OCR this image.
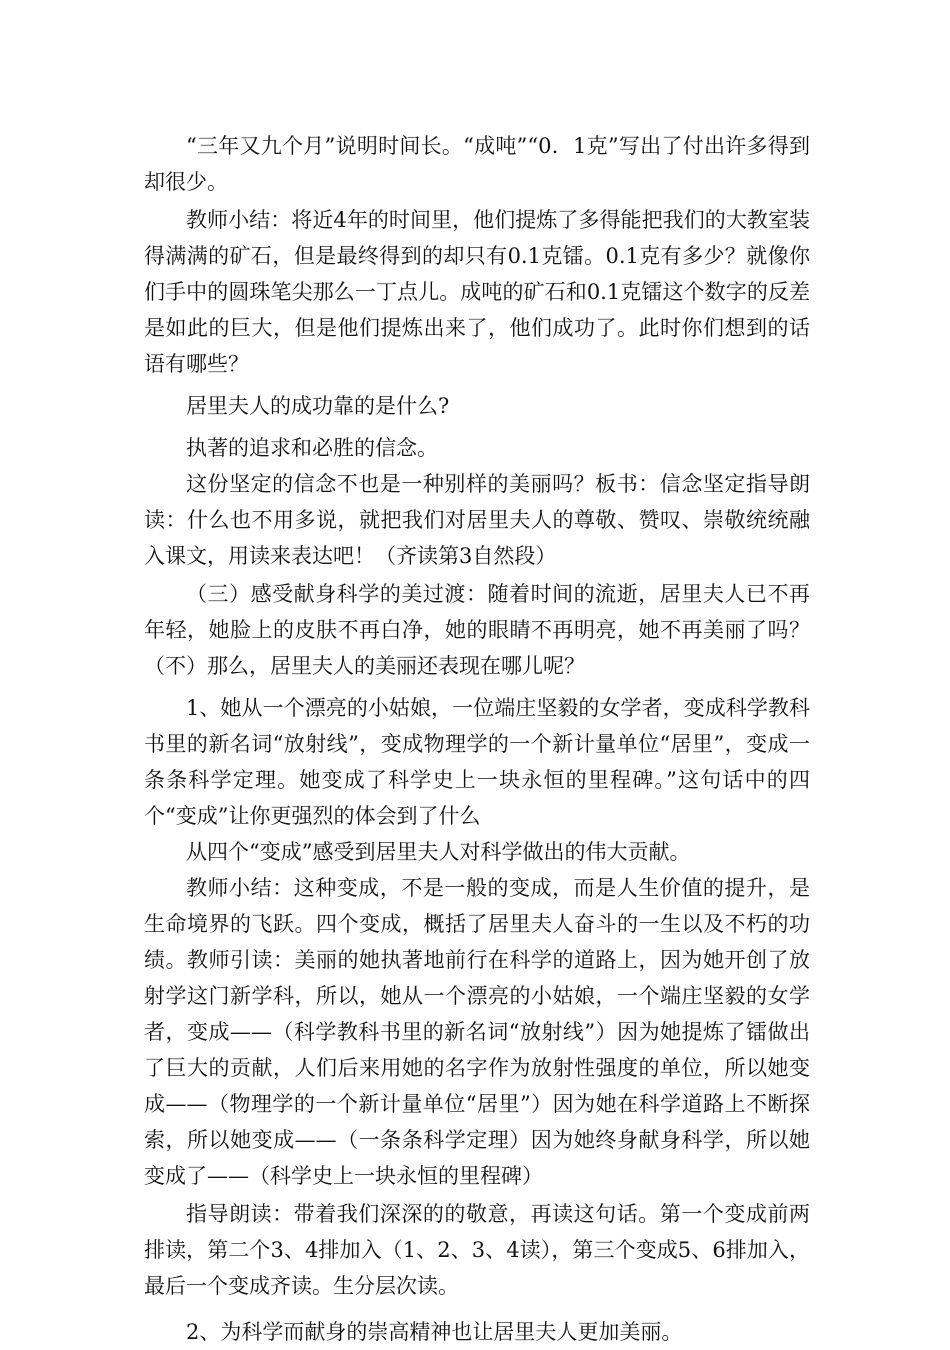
“三年又九个月”说明时间长。“成吨”“0．1克”写出了付出许多得到却很少。

教师小结：将近4年的时间里，他们提炼了多得能把我们的大教室装得满满的矿石，但是最终得到的却只有0.1克镭。0.1克有多少？就像你们手中的圆珠笔尖那么一丁点儿。成吨的矿石和0.1克镭这个数字的反差是如此的巨大，但是他们提炼出来了，他们成功了。此时你们想到的话语有哪些？

居里夫人的成功靠的是什么?

执著的追求和必胜的信念。

这份坚定的信念不也是一种别样的美丽吗？板书：信念坚定指导朗读：什么也不用多说，就把我们对居里夫人的尊敬、赞叹、崇敬统统融入课文，用读来表达吧！（齐读第3自然段）

（三）感受献身科学的美过渡：随着时间的流逝，居里夫人已不再年轻，她脸上的皮肤不再白净，她的眼睛不再明亮，她不再美丽了吗？（不）那么，居里夫人的美丽还表现在哪儿呢？

1、她从一个漂亮的小姑娘，一位端庄坚毅的女学者，变成科学教科书里的新名词“放射线”，变成物理学的一个新计量单位“居里”，变成一条条科学定理。她变成了科学史上一块永恒的里程碑。”这句话中的四个“变成”让你更强烈的体会到了什么

从四个“变成”感受到居里夫人对科学做出的伟大贡献。

教师小结：这种变成，不是一般的变成，而是人生价值的提升，是生命境界的飞跃。四个变成，概括了居里夫人奋斗的一生以及不朽的功绩。教师引读：美丽的她执著地前行在科学的道路上，因为她开创了放射学这门新学科，所以，她从一个漂亮的小姑娘，一个端庄坚毅的女学者，变成——（科学教科书里的新名词“放射线”）因为她提炼了镭做出了巨大的贡献，人们后来用她的名字作为放射性强度的单位，所以她变成——（物理学的一个新计量单位“居里”）因为她在科学道路上不断探索，所以她变成——（一条条科学定理）因为她终身献身科学，所以她变成了——（科学史上一块永恒的里程碑）

指导朗读：带着我们深深的的敬意，再读这句话。第一个变成前两排读，第二个3、4排加入（1、2、3、4读），第三个变成5、6排加入，最后一个变成齐读。生分层次读。

2、为科学而献身的崇高精神也让居里夫人更加美丽。
